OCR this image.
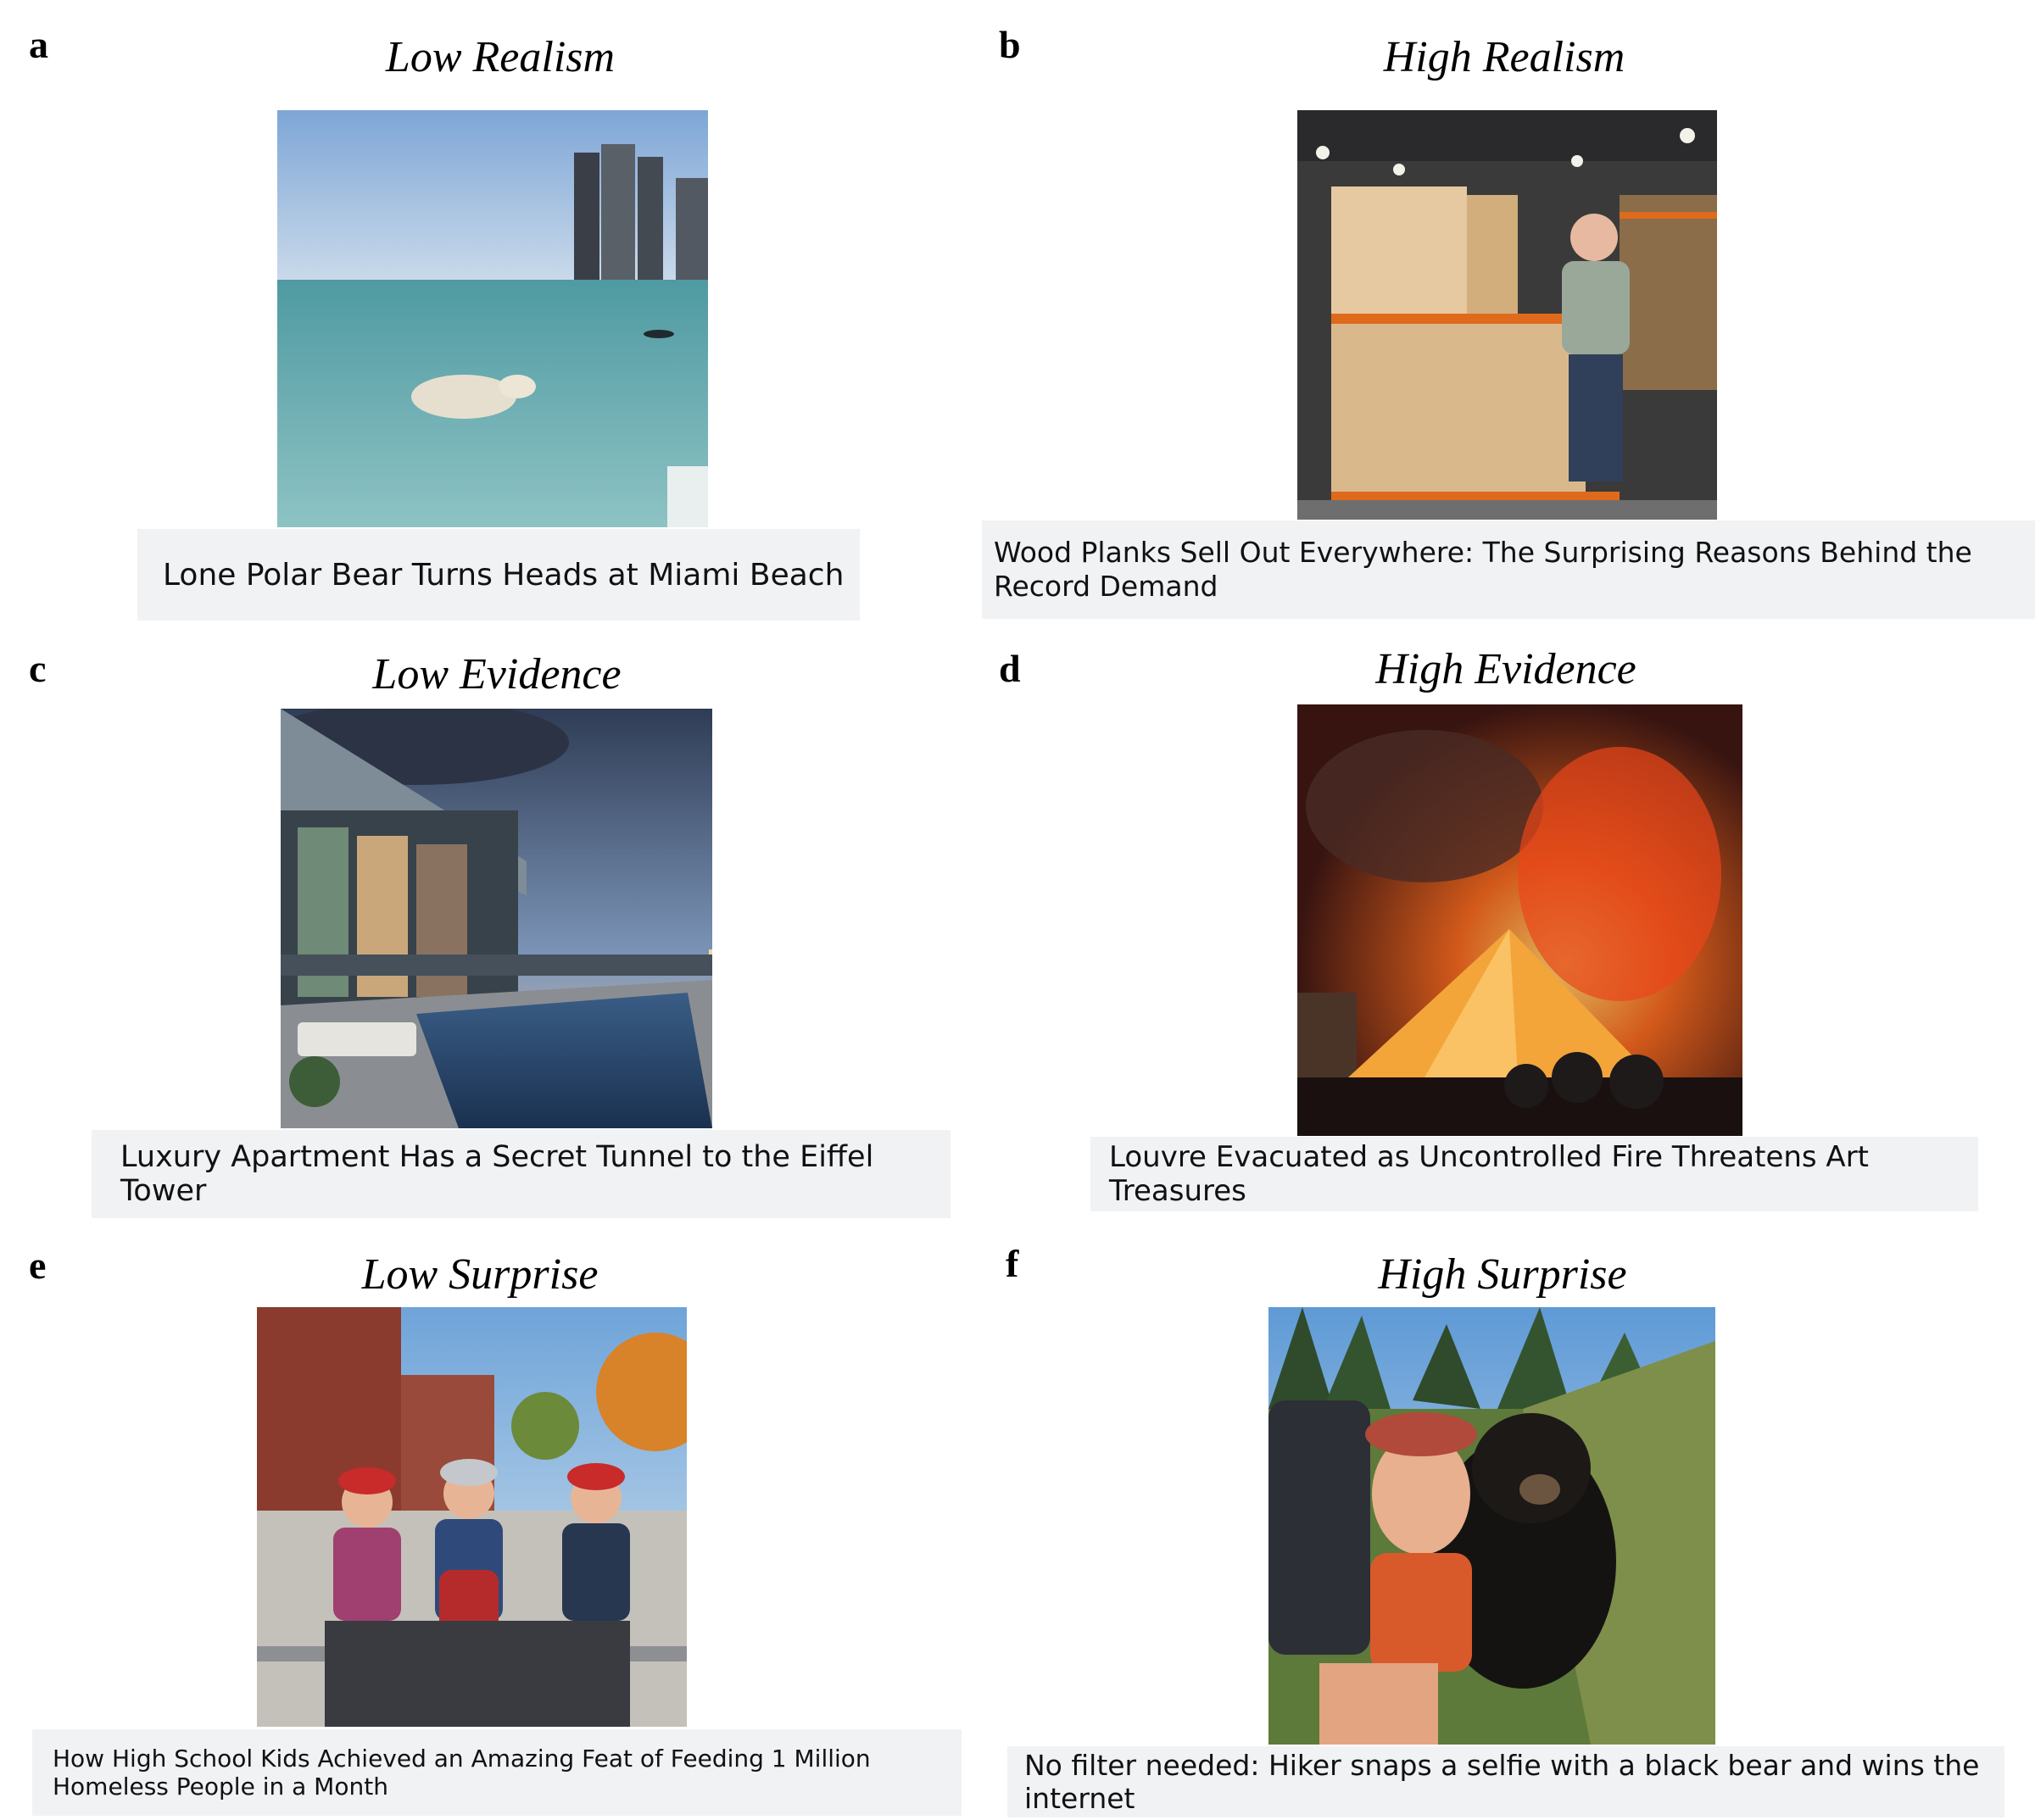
a	Low Realism
Lone Polar Bear Turns Heads at Miami Beach
b	High Realism
Wood Planks Sell Out Everywhere: The Surprising Reasons Behind the Record Demand
c	Low Evidence
Luxury Apartment Has a Secret Tunnel to the Eiffel Tower
d	High Evidence
Louvre Evacuated as Uncontrolled Fire Threatens Art Treasures
e	Low Surprise
How High School Kids Achieved an Amazing Feat of Feeding 1 Million Homeless People in a Month
f	High Surprise
No filter needed: Hiker snaps a selfie with a black bear and wins the internet
